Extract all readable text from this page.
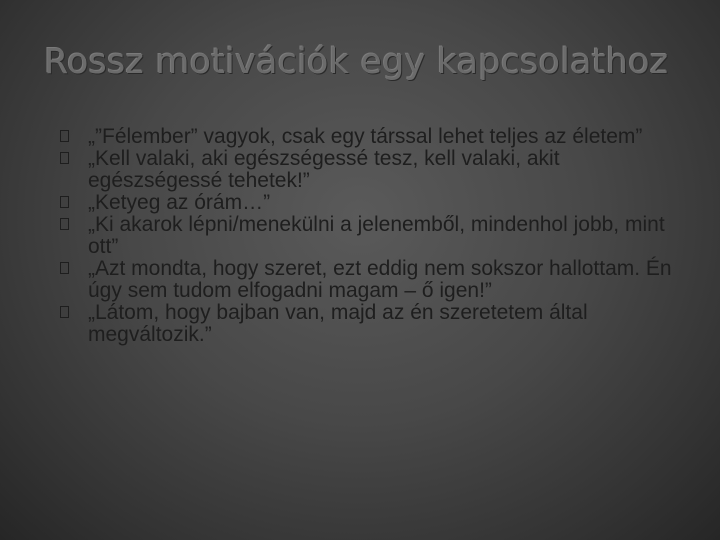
Rossz motivációk egy kapcsolathoz
„”Félember” vagyok, csak egy társsal lehet teljes az életem”
„Kell valaki, aki egészségessé tesz, kell valaki, akit egészségessé tehetek!”
„Ketyeg az órám…”
„Ki akarok lépni/menekülni a jelenemből, mindenhol jobb, mint ott”
„Azt mondta, hogy szeret, ezt eddig nem sokszor hallottam. Én úgy sem tudom elfogadni magam – ő igen!”
„Látom, hogy bajban van, majd az én szeretetem által megváltozik.”
